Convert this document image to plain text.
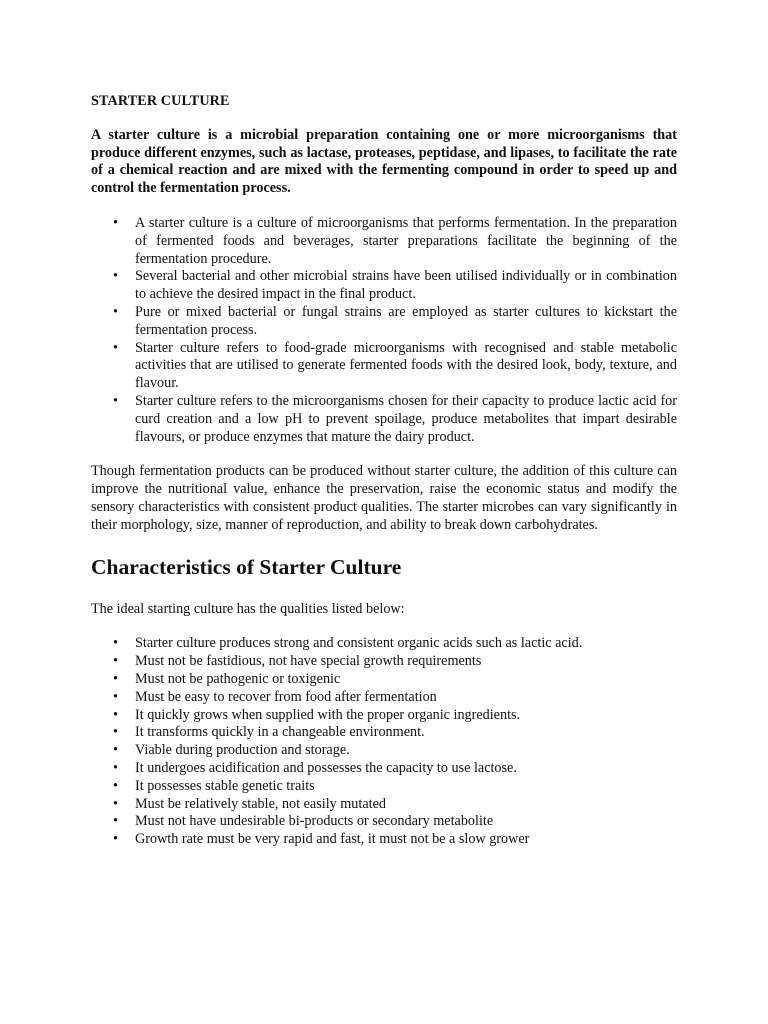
STARTER CULTURE

A starter culture is a microbial preparation containing one or more microorganisms that produce different enzymes, such as lactase, proteases, peptidase, and lipases, to facilitate the rate of a chemical reaction and are mixed with the fermenting compound in order to speed up and control the fermentation process.

• A starter culture is a culture of microorganisms that performs fermentation. In the preparation of fermented foods and beverages, starter preparations facilitate the beginning of the fermentation procedure.
• Several bacterial and other microbial strains have been utilised individually or in combination to achieve the desired impact in the final product.
• Pure or mixed bacterial or fungal strains are employed as starter cultures to kickstart the fermentation process.
• Starter culture refers to food-grade microorganisms with recognised and stable metabolic activities that are utilised to generate fermented foods with the desired look, body, texture, and flavour.
• Starter culture refers to the microorganisms chosen for their capacity to produce lactic acid for curd creation and a low pH to prevent spoilage, produce metabolites that impart desirable flavours, or produce enzymes that mature the dairy product.

Though fermentation products can be produced without starter culture, the addition of this culture can improve the nutritional value, enhance the preservation, raise the economic status and modify the sensory characteristics with consistent product qualities. The starter microbes can vary significantly in their morphology, size, manner of reproduction, and ability to break down carbohydrates.

Characteristics of Starter Culture

The ideal starting culture has the qualities listed below:

• Starter culture produces strong and consistent organic acids such as lactic acid.
• Must not be fastidious, not have special growth requirements
• Must not be pathogenic or toxigenic
• Must be easy to recover from food after fermentation
• It quickly grows when supplied with the proper organic ingredients.
• It transforms quickly in a changeable environment.
• Viable during production and storage.
• It undergoes acidification and possesses the capacity to use lactose.
• It possesses stable genetic traits
• Must be relatively stable, not easily mutated
• Must not have undesirable bi-products or secondary metabolite
• Growth rate must be very rapid and fast, it must not be a slow grower
